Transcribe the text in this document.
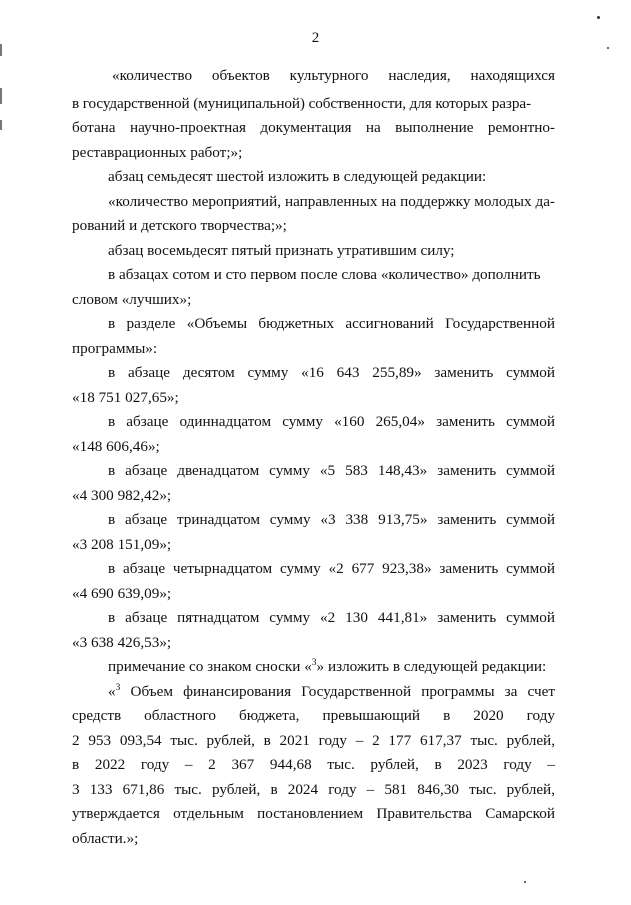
2
«количество объектов культурного наследия, находящихся
в государственной (муниципальной) собственности, для которых разра-
ботана научно-проектная документация на выполнение ремонтно-
реставрационных работ;»;
абзац семьдесят шестой изложить в следующей редакции:
«количество мероприятий, направленных на поддержку молодых да-
рований и детского творчества;»;
абзац восемьдесят пятый признать утратившим силу;
в абзацах сотом и сто первом после слова «количество» дополнить
словом «лучших»;
в разделе «Объемы бюджетных ассигнований Государственной
программы»:
в абзаце десятом сумму «16 643 255,89» заменить суммой
«18 751 027,65»;
в абзаце одиннадцатом сумму «160 265,04» заменить суммой
«148 606,46»;
в абзаце двенадцатом сумму «5 583 148,43» заменить суммой
«4 300 982,42»;
в абзаце тринадцатом сумму «3 338 913,75» заменить суммой
«3 208 151,09»;
в абзаце четырнадцатом сумму «2 677 923,38» заменить суммой
«4 690 639,09»;
в абзаце пятнадцатом сумму «2 130 441,81» заменить суммой
«3 638 426,53»;
примечание со знаком сноски «$^3$» изложить в следующей редакции:
«$^3$ Объем финансирования Государственной программы за счет
средств областного бюджета, превышающий в 2020 году
2 953 093,54 тыс. рублей, в 2021 году – 2 177 617,37 тыс. рублей,
в 2022 году – 2 367 944,68 тыс. рублей, в 2023 году –
3 133 671,86 тыс. рублей, в 2024 году – 581 846,30 тыс. рублей,
утверждается отдельным постановлением Правительства Самарской
области.»;
